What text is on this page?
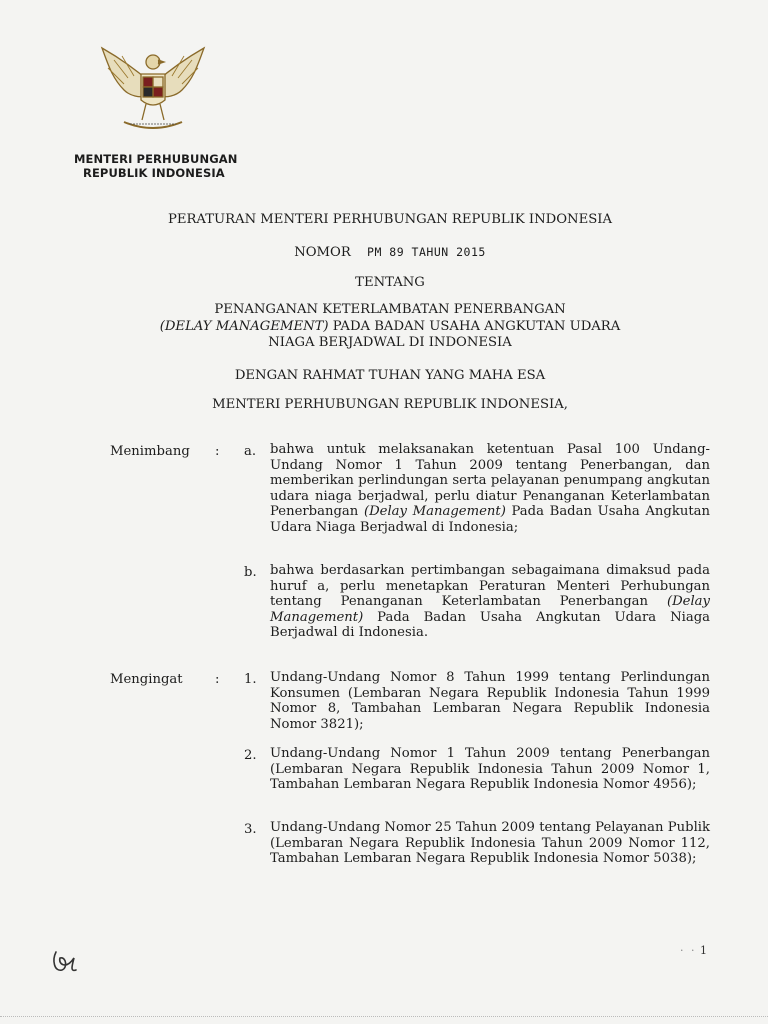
MENTERI PERHUBUNGAN
REPUBLIK INDONESIA
PERATURAN MENTERI PERHUBUNGAN REPUBLIK INDONESIA
NOMOR PM 89 TAHUN 2015
TENTANG
PENANGANAN KETERLAMBATAN PENERBANGAN
(DELAY MANAGEMENT) PADA BADAN USAHA ANGKUTAN UDARA
NIAGA BERJADWAL DI INDONESIA
DENGAN RAHMAT TUHAN YANG MAHA ESA
MENTERI PERHUBUNGAN REPUBLIK INDONESIA,
Menimbang : a. bahwa untuk melaksanakan ketentuan Pasal 100 Undang-Undang Nomor 1 Tahun 2009 tentang Penerbangan, dan memberikan perlindungan serta pelayanan penumpang angkutan udara niaga berjadwal, perlu diatur Penanganan Keterlambatan Penerbangan (Delay Management) Pada Badan Usaha Angkutan Udara Niaga Berjadwal di Indonesia;
b. bahwa berdasarkan pertimbangan sebagaimana dimaksud pada huruf a, perlu menetapkan Peraturan Menteri Perhubungan tentang Penanganan Keterlambatan Penerbangan (Delay Management) Pada Badan Usaha Angkutan Udara Niaga Berjadwal di Indonesia.
Mengingat : 1. Undang-Undang Nomor 8 Tahun 1999 tentang Perlindungan Konsumen (Lembaran Negara Republik Indonesia Tahun 1999 Nomor 8, Tambahan Lembaran Negara Republik Indonesia Nomor 3821);
2. Undang-Undang Nomor 1 Tahun 2009 tentang Penerbangan (Lembaran Negara Republik Indonesia Tahun 2009 Nomor 1, Tambahan Lembaran Negara Republik Indonesia Nomor 4956);
3. Undang-Undang Nomor 25 Tahun 2009 tentang Pelayanan Publik (Lembaran Negara Republik Indonesia Tahun 2009 Nomor 112, Tambahan Lembaran Negara Republik Indonesia Nomor 5038);
· · 1
